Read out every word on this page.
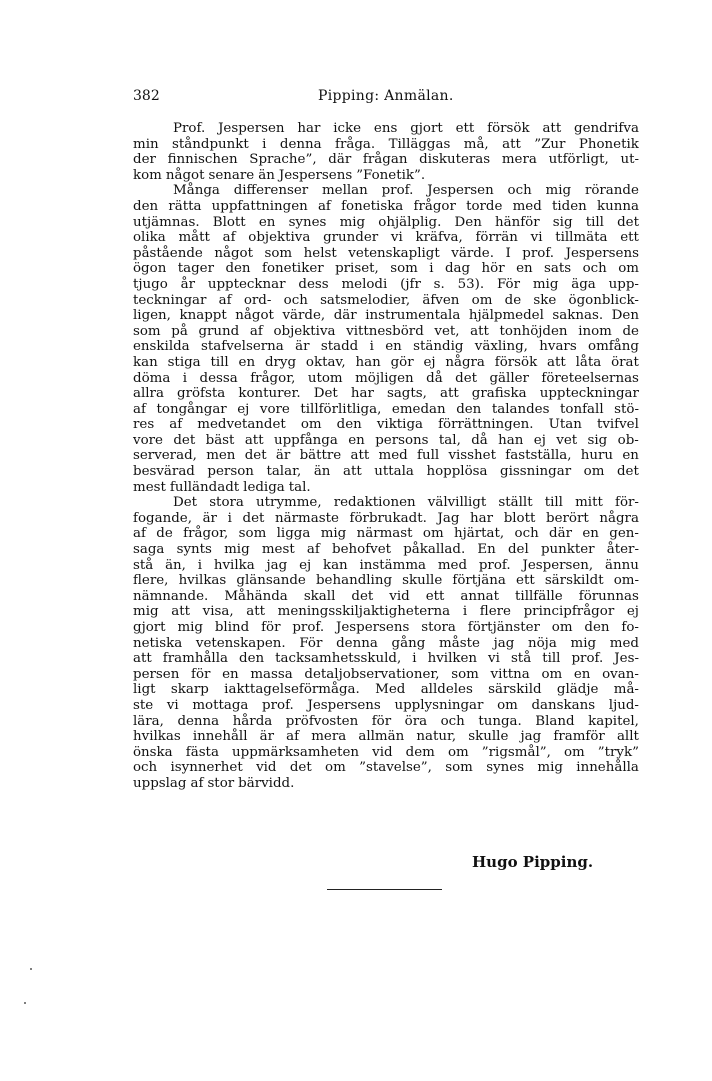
382	Pipping: Anmälan.
Prof. Jespersen har icke ens gjort ett försök att gendrifva
min ståndpunkt i denna fråga. Tilläggas må, att ”Zur Phonetik
der finnischen Sprache”, där frågan diskuteras mera utförligt, ut-
kom något senare än Jespersens ”Fonetik”.
Många differenser mellan prof. Jespersen och mig rörande
den rätta uppfattningen af fonetiska frågor torde med tiden kunna
utjämnas. Blott en synes mig ohjälplig. Den hänför sig till det
olika mått af objektiva grunder vi kräfva, förrän vi tillmäta ett
påstående något som helst vetenskapligt värde. I prof. Jespersens
ögon tager den fonetiker priset, som i dag hör en sats och om
tjugo år upptecknar dess melodi (jfr s. 53). För mig äga upp-
teckningar af ord- och satsmelodier, äfven om de ske ögonblick-
ligen, knappt något värde, där instrumentala hjälpmedel saknas. Den
som på grund af objektiva vittnesbörd vet, att tonhöjden inom de
enskilda stafvelserna är stadd i en ständig växling, hvars omfång
kan stiga till en dryg oktav, han gör ej några försök att låta örat
döma i dessa frågor, utom möjligen då det gäller företeelsernas
allra gröfsta konturer. Det har sagts, att grafiska uppteckningar
af tongångar ej vore tillförlitliga, emedan den talandes tonfall stö-
res af medvetandet om den viktiga förrättningen. Utan tvifvel
vore det bäst att uppfånga en persons tal, då han ej vet sig ob-
serverad, men det är bättre att med full visshet fastställa, huru en
besvärad person talar, än att uttala hopplösa gissningar om det
mest fulländadt lediga tal.
Det stora utrymme, redaktionen välvilligt ställt till mitt för-
fogande, är i det närmaste förbrukadt. Jag har blott berört några
af de frågor, som ligga mig närmast om hjärtat, och där en gen-
saga synts mig mest af behofvet påkallad. En del punkter åter-
stå än, i hvilka jag ej kan instämma med prof. Jespersen, ännu
flere, hvilkas glänsande behandling skulle förtjäna ett särskildt om-
nämnande. Måhända skall det vid ett annat tillfälle förunnas
mig att visa, att meningsskiljaktigheterna i flere principfrågor ej
gjort mig blind för prof. Jespersens stora förtjänster om den fo-
netiska vetenskapen. För denna gång måste jag nöja mig med
att framhålla den tacksamhetsskuld, i hvilken vi stå till prof. Jes-
persen för en massa detaljobservationer, som vittna om en ovan-
ligt skarp iakttagelseförmåga. Med alldeles särskild glädje må-
ste vi mottaga prof. Jespersens upplysningar om danskans ljud-
lära, denna hårda pröfvosten för öra och tunga. Bland kapitel,
hvilkas innehåll är af mera allmän natur, skulle jag framför allt
önska fästa uppmärksamheten vid dem om ”rigsmål”, om ”tryk”
och isynnerhet vid det om ”stavelse”, som synes mig innehålla
uppslag af stor bärvidd.
Hugo Pipping.
